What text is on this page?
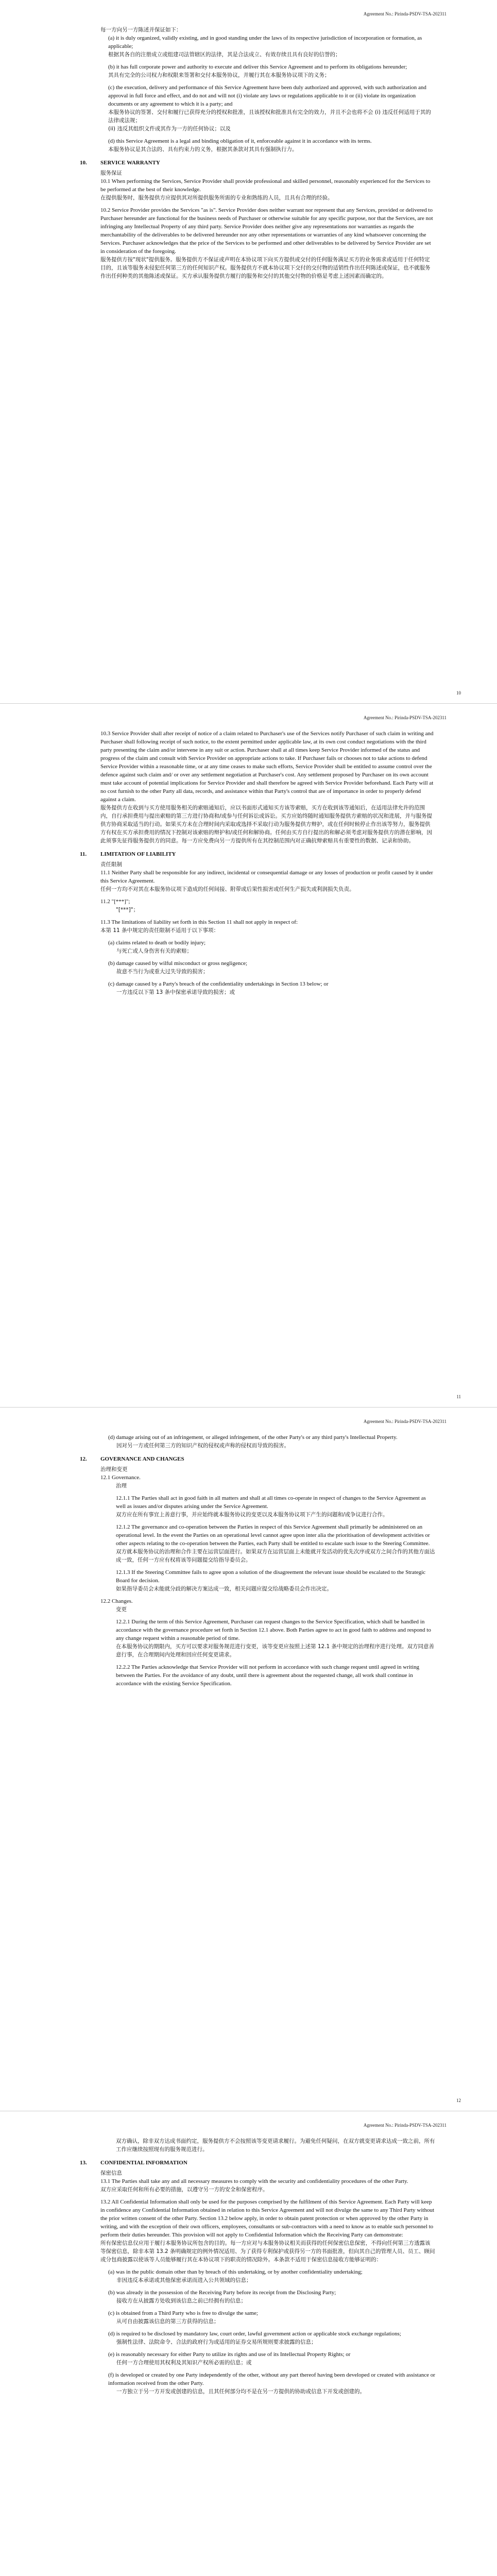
Agreement No.: Pirinda-PSDV-TSA-202311

每一方向另一方陈述并保证如下：

(a) it is duly organized, validly existing, and in good standing under the laws of its respective jurisdiction of incorporation or formation, as applicable;

根据其各自的注册成立或组建司法管辖区的法律，其是合法成立、有效存续且具有良好的信誉的；

(b) it has full corporate power and authority to execute and deliver this Service Agreement and to perform its obligations hereunder;

其具有完全的公司权力和权限来签署和交付本服务协议，并履行其在本服务协议项下的义务；

(c) the execution, delivery and performance of this Service Agreement have been duly authorized and approved, with such authorization and approval in full force and effect, and do not and will not (i) violate any laws or regulations applicable to it or (ii) violate its organization documents or any agreement to which it is a party; and

本服务协议的签署、交付和履行已获得充分的授权和批准，且该授权和批准具有完全的效力，并且不会也将不会 (i) 违反任何适用于其的法律或法规；

(ii) 违反其组织文件或其作为一方的任何协议；以及

(d) this Service Agreement is a legal and binding obligation of it, enforceable against it in accordance with its terms.

本服务协议是其合法的、具有约束力的义务，根据其条款对其具有强制执行力。

10.	SERVICE WARRANTY

服务保证

10.1 When performing the Services, Service Provider shall provide professional and skilled personnel, reasonably experienced for the Services to be performed at the best of their knowledge.

在提供服务时，服务提供方应提供其对所提供服务所需的专业和熟练的人员，且具有合理的经验。

10.2 Service Provider provides the Services "as is". Service Provider does neither warrant nor represent that any Services, provided or delivered to Purchaser hereunder are functional for the business needs of Purchaser or otherwise suitable for any specific purpose, nor that the Services, are not infringing any Intellectual Property of any third party. Service Provider does neither give any representations nor warranties as regards the merchantability of the deliverables to be delivered hereunder nor any other representations or warranties of any kind whatsoever concerning the Services. Purchaser acknowledges that the price of the Services to be performed and other deliverables to be delivered by Service Provider are set in consideration of the foregoing.

服务提供方按"现状"提供服务。服务提供方不保证或声明在本协议项下向买方提供或交付的任何服务满足买方的业务需求或适用于任何特定目的，且该等服务未侵犯任何第三方的任何知识产权。服务提供方不就本协议项下交付的交付物的适销性作出任何陈述或保证，也不就服务作出任何种类的其他陈述或保证。买方承认服务提供方履行的服务和交付的其他交付物的价格是考虑上述因素而确定的。

10
Agreement No.: Pirinda-PSDV-TSA-202311

10.3 Service Provider shall after receipt of notice of a claim related to Purchaser's use of the Services notify Purchaser of such claim in writing and Purchaser shall following receipt of such notice, to the extent permitted under applicable law, at its own cost conduct negotiations with the third party presenting the claim and/or intervene in any suit or action. Purchaser shall at all times keep Service Provider informed of the status and progress of the claim and consult with Service Provider on appropriate actions to take. If Purchaser fails or chooses not to take actions to defend Service Provider within a reasonable time, or at any time ceases to make such efforts, Service Provider shall be entitled to assume control over the defence against such claim and/ or over any settlement negotiation at Purchaser's cost. Any settlement proposed by Purchaser on its own account must take account of potential implications for Service Provider and shall therefore be agreed with Service Provider beforehand. Each Party will at no cost furnish to the other Party all data, records, and assistance within that Party's control that are of importance in order to properly defend against a claim.

服务提供方在收到与买方使用服务相关的索赔通知后，应以书面形式通知买方该等索赔，买方在收到该等通知后，在适用法律允许的范围内，自行承担费用与提出索赔的第三方进行协商和/或参与任何诉讼或诉讼。买方应始终随时通知服务提供方索赔的状况和进展，并与服务提供方协商采取适当的行动。如果买方未在合理时间内采取或选择不采取行动为服务提供方辩护，或在任何时候停止作出该等努力，服务提供方有权在买方承担费用的情况下控制对该索赔的辩护和/或任何和解协商。任何由买方自行提出的和解必须考虑对服务提供方的潜在影响，因此须事先征得服务提供方的同意。每一方应免费向另一方提供所有在其控制范围内对正确抗辩索赔具有重要性的数据、记录和协助。

11.	LIMITATION OF LIABILITY

责任限制

11.1 Neither Party shall be responsible for any indirect, incidental or consequential damage or any losses of production or profit caused by it under this Service Agreement.

任何一方均不对其在本服务协议项下造成的任何间接、附带或后果性损害或任何生产损失或利润损失负责。

11.2 "[***]";

"[***]"；

11.3 The limitations of liability set forth in this Section 11 shall not apply in respect of:

本第 11 条中规定的责任限制不适用于以下事项：

(a) claims related to death or bodily injury;

与死亡或人身伤害有关的索赔；

(b) damage caused by wilful misconduct or gross negligence;

故意不当行为或重大过失导致的损害；

(c) damage caused by a Party's breach of the confidentiality undertakings in Section 13 below; or

一方违反以下第 13 条中保密承诺导致的损害；或

11
Agreement No.: Pirinda-PSDV-TSA-202311

(d) damage arising out of an infringement, or alleged infringement, of the other Party's or any third party's Intellectual Property.

因对另一方或任何第三方的知识产权的侵权或声称的侵权而导致的损害。

12.	GOVERNANCE AND CHANGES

治理和变更

12.1 Governance.

治理

12.1.1 The Parties shall act in good faith in all matters and shall at all times co-operate in respect of changes to the Service Agreement as well as issues and/or disputes arising under the Service Agreement.

双方应在所有事宜上善意行事，并应始终就本服务协议的变更以及本服务协议项下产生的问题和/或争议进行合作。

12.1.2 The governance and co-operation between the Parties in respect of this Service Agreement shall primarily be administered on an operational level. In the event the Parties on an operational level cannot agree upon inter alia the prioritisation of development activities or other aspects relating to the co-operation between the Parties, each Party shall be entitled to escalate such issue to the Steering Committee.

双方就本服务协议的治理和合作主要在运营层面进行。如果双方在运营层面上未能就开发活动的优先次序或双方之间合作的其他方面达成一致，任何一方应有权将该等问题提交给指导委员会。

12.1.3 If the Steering Committee fails to agree upon a solution of the disagreement the relevant issue should be escalated to the Strategic Board for decision.

如果指导委员会未能就分歧的解决方案达成一致，相关问题应提交给战略委员会作出决定。

12.2 Changes.

变更

12.2.1 During the term of this Service Agreement, Purchaser can request changes to the Service Specification, which shall be handled in accordance with the governance procedure set forth in Section 12.1 above. Both Parties agree to act in good faith to address and respond to any change request within a reasonable period of time.

在本服务协议的期限内，买方可以要求对服务规范进行变更，该等变更应按照上述第 12.1 条中规定的治理程序进行处理。双方同意善意行事，在合理期间内处理和回应任何变更请求。

12.2.2 The Parties acknowledge that Service Provider will not perform in accordance with such change request until agreed in writing between the Parties. For the avoidance of any doubt, until there is agreement about the requested change, all work shall continue in accordance with the existing Service Specification.

12
Agreement No.: Pirinda-PSDV-TSA-202311

双方确认，除非双方达成书面约定，服务提供方不会按照该等变更请求履行。为避免任何疑问，在双方就变更请求达成一致之前，所有工作应继续按照现有的服务规范进行。

13.	CONFIDENTIAL INFORMATION

保密信息

13.1 The Parties shall take any and all necessary measures to comply with the security and confidentiality procedures of the other Party.

双方应采取任何和所有必要的措施，以遵守另一方的安全和保密程序。

13.2 All Confidential Information shall only be used for the purposes comprised by the fulfilment of this Service Agreement. Each Party will keep in confidence any Confidential Information obtained in relation to this Service Agreement and will not divulge the same to any Third Party without the prior written consent of the other Party. Section 13.2 below apply, in order to obtain patent protection or when approved by the other Party in writing, and with the exception of their own officers, employees, consultants or sub-contractors with a need to know as to enable such personnel to perform their duties hereunder. This provision will not apply to Confidential Information which the Receiving Party can demonstrate:

所有保密信息仅应用于履行本服务协议所包含的目的。每一方应对与本服务协议相关而获得的任何保密信息保密，不得向任何第三方透露该等保密信息，除非本第 13.2 条明确规定的例外情况适用、为了获得专利保护或获得另一方的书面批准，但向其自己的管理人员、员工、顾问或分包商披露以使该等人员能够履行其在本协议项下的职责的情况除外。本条款不适用于保密信息接收方能够证明的：

(a) was in the public domain other than by breach of this undertaking, or by another confidentiality undertaking;

非因违反本承诺或其他保密承诺而进入公共领域的信息；

(b) was already in the possession of the Receiving Party before its receipt from the Disclosing Party;

接收方在从披露方处收到该信息之前已经拥有的信息；

(c) is obtained from a Third Party who is free to divulge the same;

从可自由披露该信息的第三方获得的信息；

(d) is required to be disclosed by mandatory law, court order, lawful government action or applicable stock exchange regulations;

强制性法律、法院命令、合法的政府行为或适用的证券交易所规则要求披露的信息；

(e) is reasonably necessary for either Party to utilize its rights and use of its Intellectual Property Rights; or

任何一方合理使用其权利及其知识产权所必需的信息；或

(f) is developed or created by one Party independently of the other, without any part thereof having been developed or created with assistance or information received from the other Party.

一方独立于另一方开发或创建的信息，且其任何部分均不是在另一方提供的协助或信息下开发或创建的。
